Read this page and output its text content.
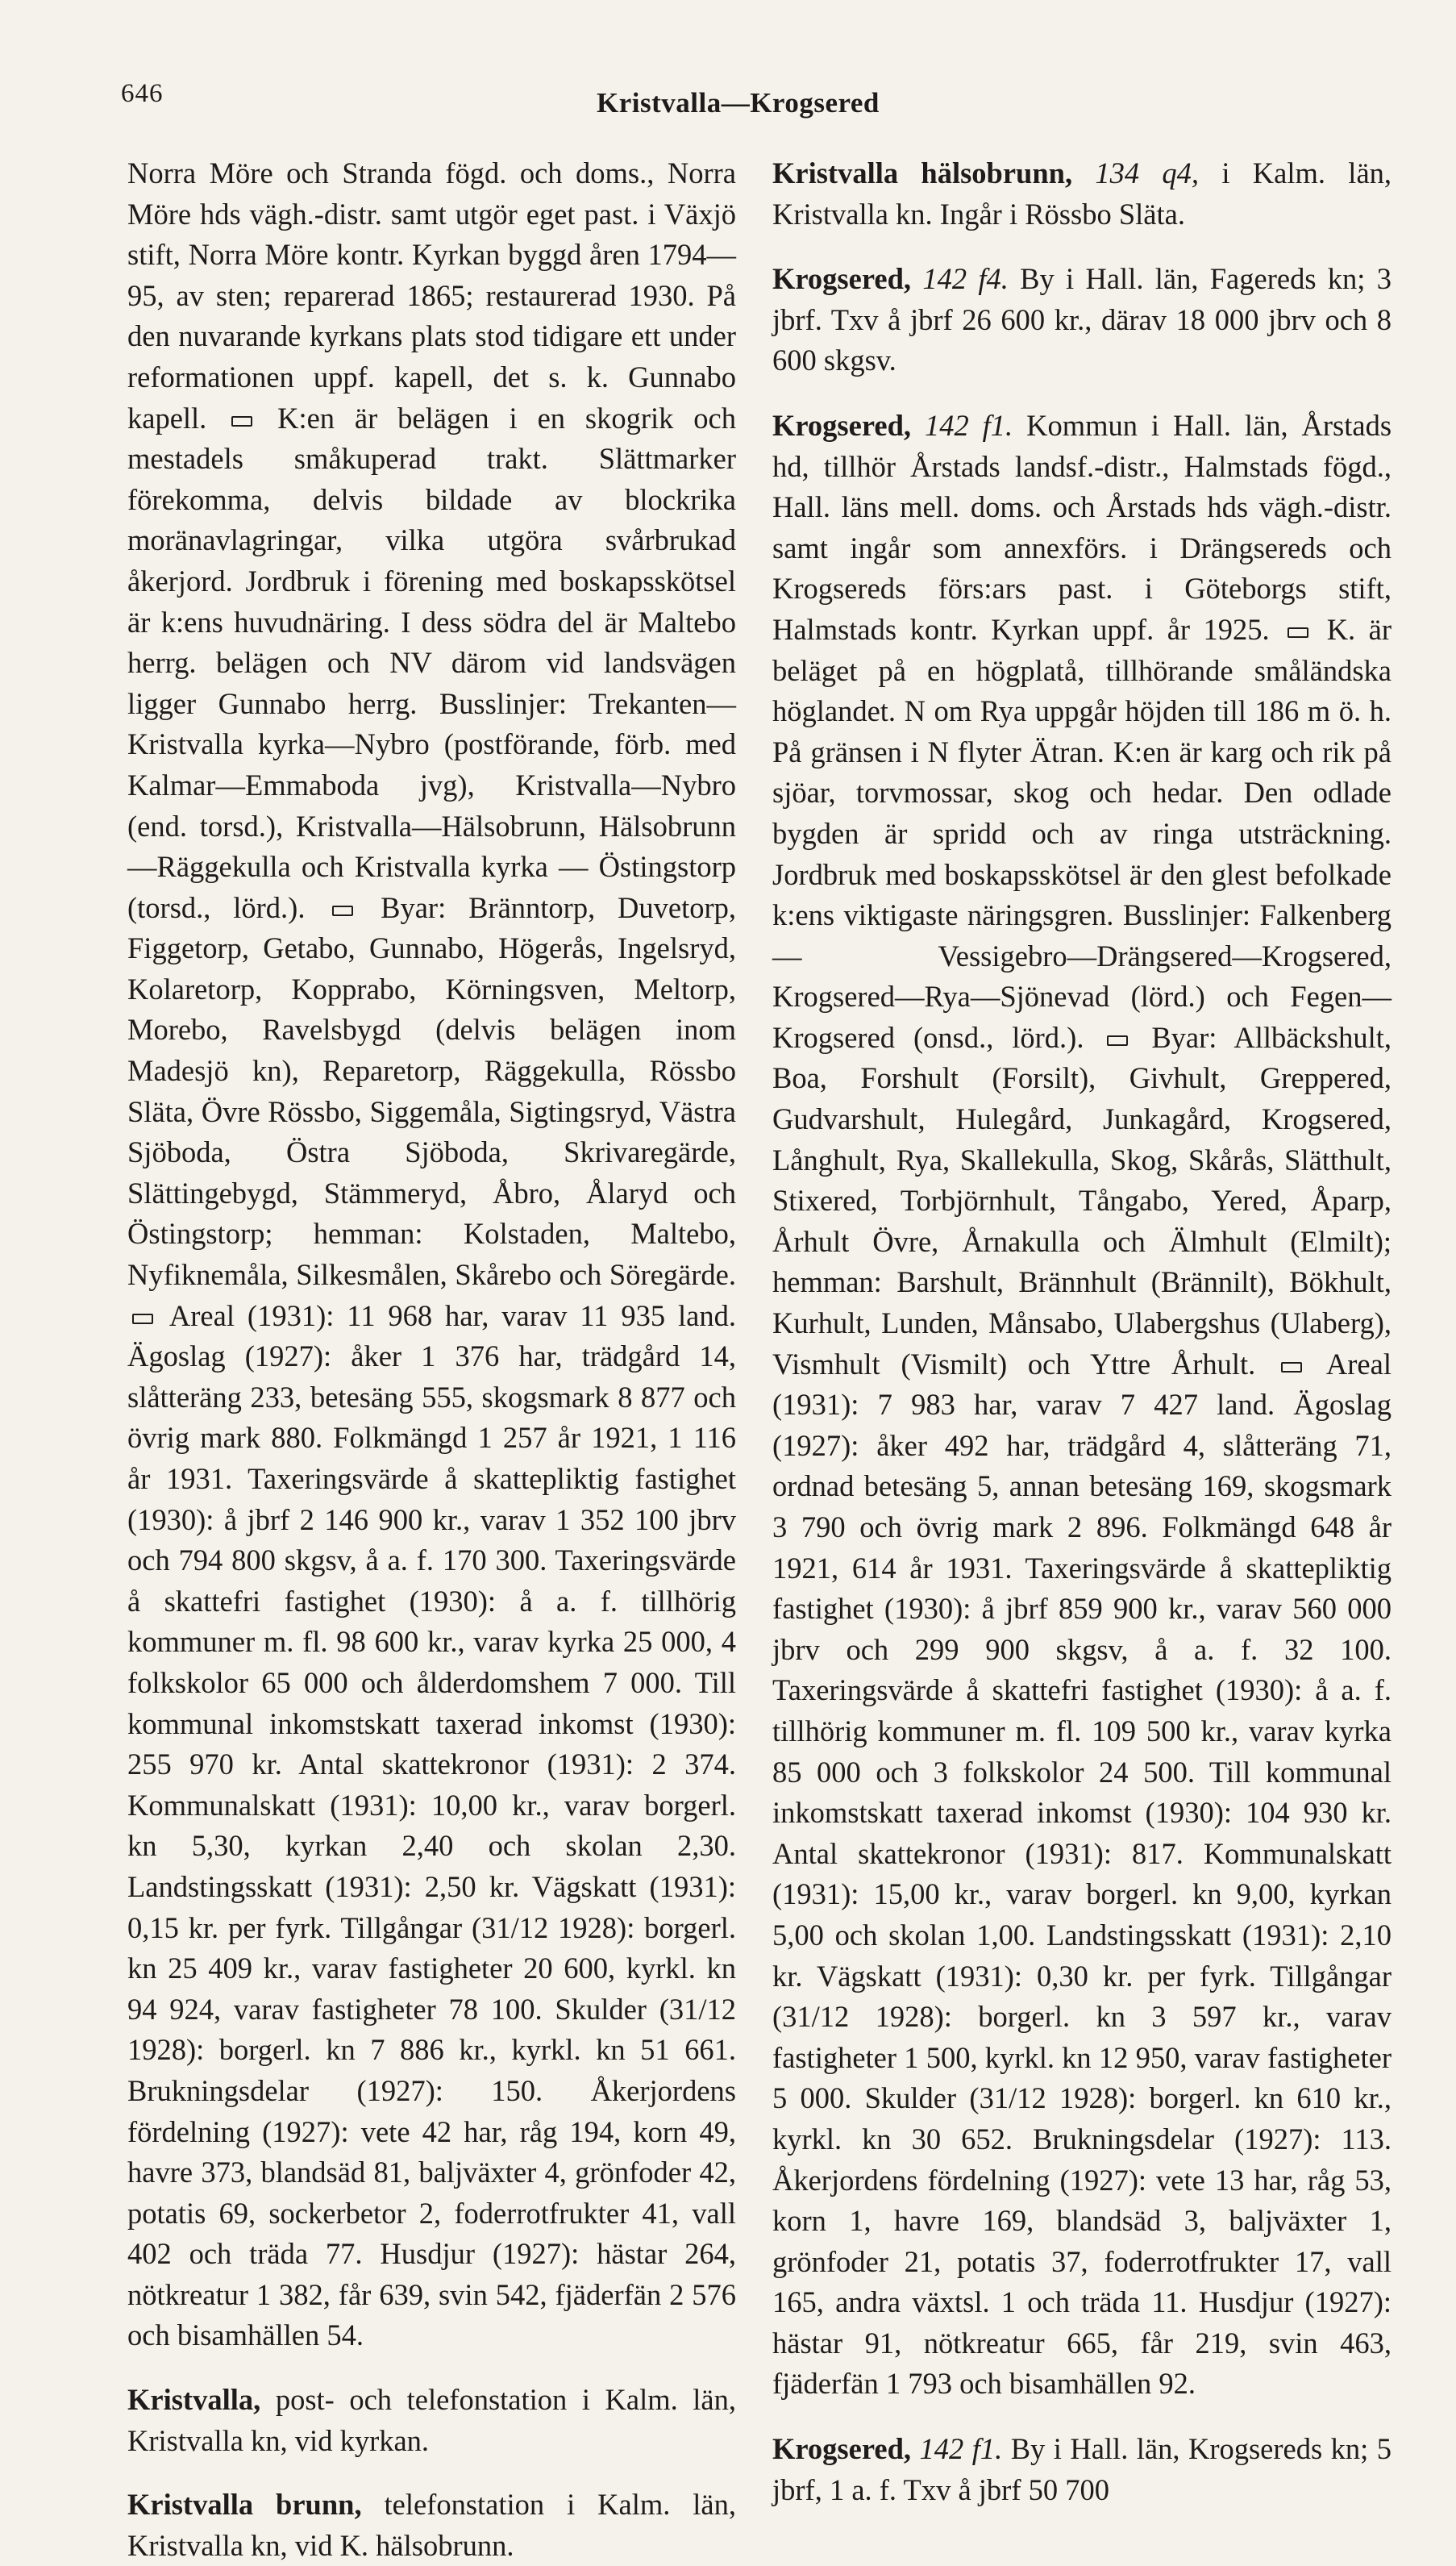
646	Kristvalla—Krogsered

Norra Möre och Stranda fögd. och doms., Norra Möre hds vägh.-distr. samt utgör eget past. i Växjö stift, Norra Möre kontr. Kyrkan byggd åren 1794—95, av sten; reparerad 1865; restaurerad 1930. På den nuvarande kyrkans plats stod tidigare ett under reformationen uppf. kapell, det s. k. Gunnabo kapell. K:en är belägen i en skogrik och mestadels småkuperad trakt. Slättmarker förekomma, delvis bildade av blockrika moränavlagringar, vilka utgöra svårbrukad åkerjord. Jordbruk i förening med boskapsskötsel är k:ens huvudnäring. I dess södra del är Maltebo herrg. belägen och NV därom vid landsvägen ligger Gunnabo herrg. Busslinjer: Trekanten—Kristvalla kyrka—Nybro (postförande, förb. med Kalmar—Emmaboda jvg), Kristvalla—Nybro (end. torsd.), Kristvalla—Hälsobrunn, Hälsobrunn—Räggekulla och Kristvalla kyrka — Östingstorp (torsd., lörd.).	Byar: Bränntorp, Duvetorp, Figgetorp, Getabo, Gunnabo, Högerås, Ingelsryd, Kolaretorp, Kopprabo, Körningsven, Meltorp, Morebo, Ravelsbygd (delvis belägen inom Madesjö kn), Reparetorp, Räggekulla, Rössbo Släta, Övre Rössbo, Siggemåla, Sigtingsryd, Västra Sjöboda, Östra Sjöboda, Skrivaregärde, Slättingebygd, Stämmeryd, Åbro, Ålaryd och Östingstorp; hemman: Kolstaden, Maltebo, Nyfiknemåla, Silkesmålen, Skårebo och Söregärde.  Areal (1931): 11 968 har, varav 11 935 land. Ägoslag (1927): åker 1 376 har, trädgård 14, slåtteräng 233, betesäng 555, skogsmark 8 877 och övrig mark 880. Folkmängd 1 257 år 1921, 1 116 år 1931. Taxeringsvärde å skattepliktig fastighet (1930): å jbrf 2 146 900 kr., varav 1 352 100 jbrv och 794 800 skgsv, å a. f. 170 300. Taxeringsvärde å skattefri fastighet (1930): å a. f. tillhörig kommuner m. fl. 98 600 kr., varav kyrka 25 000, 4 folkskolor 65 000 och ålderdomshem 7 000. Till kommunal inkomstskatt taxerad inkomst (1930): 255 970 kr. Antal skattekronor (1931): 2 374. Kommunalskatt (1931): 10,00 kr., varav borgerl. kn 5,30, kyrkan 2,40 och skolan 2,30. Landstingsskatt (1931): 2,50 kr. Vägskatt (1931): 0,15 kr. per fyrk. Tillgångar (31/12 1928): borgerl. kn 25 409 kr., varav fastigheter 20 600, kyrkl. kn 94 924, varav fastigheter 78 100. Skulder (31/12 1928): borgerl. kn 7 886 kr., kyrkl. kn 51 661. Brukningsdelar (1927): 150. Åkerjordens fördelning (1927): vete 42 har, råg 194, korn 49, havre 373, blandsäd 81, baljväxter 4, grönfoder 42, potatis 69, sockerbetor 2, foderrotfrukter 41, vall 402 och träda 77. Husdjur (1927): hästar 264, nötkreatur 1 382, får 639, svin 542, fjäderfän 2 576 och bisamhällen 54.

Kristvalla, post- och telefonstation i Kalm. län, Kristvalla kn, vid kyrkan.

Kristvalla brunn, telefonstation i Kalm. län, Kristvalla kn, vid K. hälsobrunn.

Kristvalla hälsobrunn, 134 q4, i Kalm. län, Kristvalla kn. Ingår i Rössbo Släta.

Krogsered, 142 f4. By i Hall. län, Fagereds kn; 3 jbrf. Txv å jbrf 26 600 kr., därav 18 000 jbrv och 8 600 skgsv.

Krogsered, 142 f1. Kommun i Hall. län, Årstads hd, tillhör Årstads landsf.-distr., Halmstads fögd., Hall. läns mell. doms. och Årstads hds vägh.-distr. samt ingår som annexförs. i Drängsereds och Krogsereds förs:ars past. i Göteborgs stift, Halmstads kontr. Kyrkan uppf. år 1925. K. är beläget på en högplatå, tillhörande småländska höglandet. N om Rya uppgår höjden till 186 m ö. h. På gränsen i N flyter Ätran. K:en är karg och rik på sjöar, torvmossar, skog och hedar. Den odlade bygden är spridd och av ringa utsträckning. Jordbruk med boskapsskötsel är den glest befolkade k:ens viktigaste näringsgren. Busslinjer: Falkenberg — Vessigebro—Drängsered—Krogsered, Krogsered—Rya—Sjönevad (lörd.) och Fegen—Krogsered (onsd., lörd.). Byar: Allbäckshult, Boa, Forshult (Forsilt), Givhult, Greppered, Gudvarshult, Hulegård, Junkagård, Krogsered, Långhult, Rya, Skallekulla, Skog, Skårås, Slätthult, Stixered, Torbjörnhult, Tångabo, Yered, Åparp, Århult Övre, Årnakulla och Älmhult (Elmilt); hemman: Barshult, Brännhult (Brännilt), Bökhult, Kurhult, Lunden, Månsabo, Ulabergshus (Ulaberg), Vismhult (Vismilt) och Yttre Århult. Areal (1931): 7 983 har, varav 7 427 land. Ägoslag (1927): åker 492 har, trädgård 4, slåtteräng 71, ordnad betesäng 5, annan betesäng 169, skogsmark 3 790 och övrig mark 2 896. Folkmängd 648 år 1921, 614 år 1931. Taxeringsvärde å skattepliktig fastighet (1930): å jbrf 859 900 kr., varav 560 000 jbrv och 299 900 skgsv, å a. f. 32 100. Taxeringsvärde å skattefri fastighet (1930): å a. f. tillhörig kommuner m. fl. 109 500 kr., varav kyrka 85 000 och 3 folkskolor 24 500. Till kommunal inkomstskatt taxerad inkomst (1930): 104 930 kr. Antal skattekronor (1931): 817. Kommunalskatt (1931): 15,00 kr., varav borgerl. kn 9,00, kyrkan 5,00 och skolan 1,00. Landstingsskatt (1931): 2,10 kr. Vägskatt (1931): 0,30 kr. per fyrk. Tillgångar (31/12 1928): borgerl. kn 3 597 kr., varav fastigheter 1 500, kyrkl. kn 12 950, varav fastigheter 5 000. Skulder (31/12 1928): borgerl. kn 610 kr., kyrkl. kn 30 652. Brukningsdelar (1927): 113. Åkerjordens fördelning (1927): vete 13 har, råg 53, korn 1, havre 169, blandsäd 3, baljväxter 1, grönfoder 21, potatis 37, foderrotfrukter 17, vall 165, andra växtsl. 1 och träda 11. Husdjur (1927): hästar 91, nötkreatur 665, får 219, svin 463, fjäderfän 1 793 och bisamhällen 92.

Krogsered, 142 f1. By i Hall. län, Krogsereds kn; 5 jbrf, 1 a. f. Txv å jbrf 50 700
